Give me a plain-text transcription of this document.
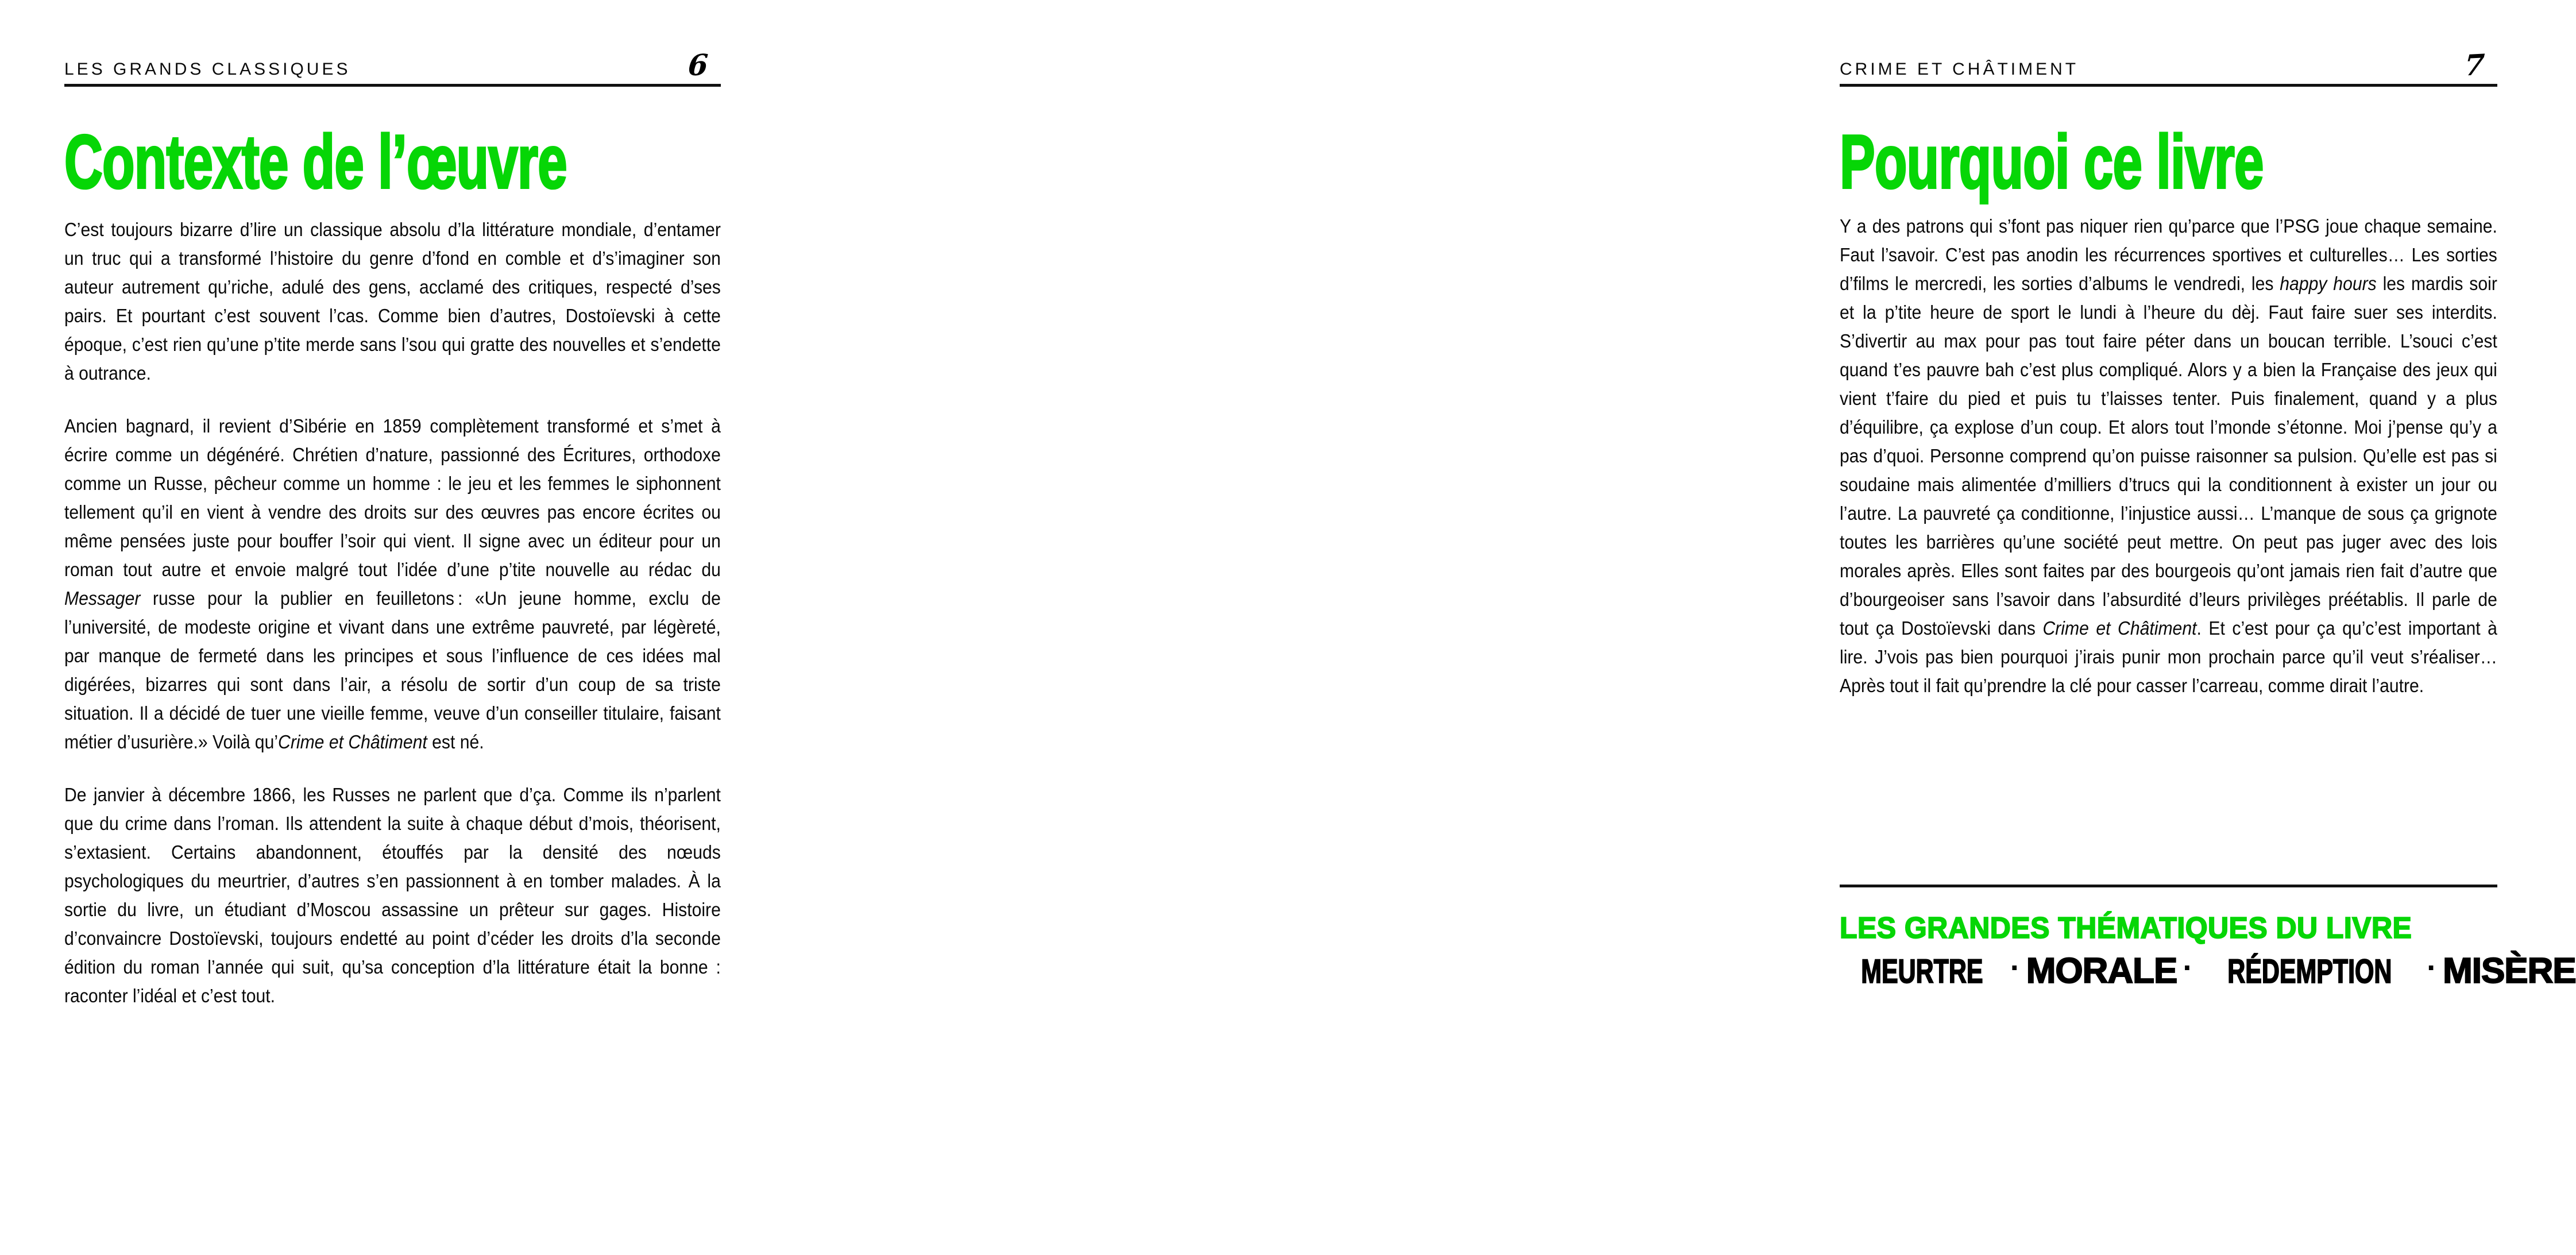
LES GRANDS CLASSIQUES	6
Contexte de l’œuvre

C’est toujours bizarre d’lire un classique absolu d’la littérature mondiale, d’entamer un truc qui a transformé l’histoire du genre d’fond en comble et d’s’imaginer son auteur autrement qu’riche, adulé des gens, acclamé des critiques, respecté d’ses pairs. Et pourtant c’est souvent l’cas. Comme bien d’autres, Dostoïevski à cette époque, c’est rien qu’une p’tite merde sans l’sou qui gratte des nouvelles et s’endette à outrance.

Ancien bagnard, il revient d’Sibérie en 1859 complètement transformé et s’met à écrire comme un dégénéré. Chrétien d’nature, passionné des Écritures, orthodoxe comme un Russe, pêcheur comme un homme : le jeu et les femmes le siphonnent tellement qu’il en vient à vendre des droits sur des œuvres pas encore écrites ou même pensées juste pour bouffer l’soir qui vient. Il signe avec un éditeur pour un roman tout autre et envoie malgré tout l’idée d’une p’tite nouvelle au rédac du Messager russe pour la publier en feuilletons : «Un jeune homme, exclu de l’université, de modeste origine et vivant dans une extrême pauvreté, par légèreté, par manque de fermeté dans les principes et sous l’influence de ces idées mal digérées, bizarres qui sont dans l’air, a résolu de sortir d’un coup de sa triste situation. Il a décidé de tuer une vieille femme, veuve d’un conseiller titulaire, faisant métier d’usurière.» Voilà qu’Crime et Châtiment est né.

De janvier à décembre 1866, les Russes ne parlent que d’ça. Comme ils n’parlent que du crime dans l’roman. Ils attendent la suite à chaque début d’mois, théorisent, s’extasient. Certains abandonnent, étouffés par la densité des nœuds psychologiques du meurtrier, d’autres s’en passionnent à en tomber malades. À la sortie du livre, un étudiant d’Moscou assassine un prêteur sur gages. Histoire d’convaincre Dostoïevski, toujours endetté au point d’céder les droits d’la seconde édition du roman l’année qui suit, qu’sa conception d’la littérature était la bonne : raconter l’idéal et c’est tout.

CRIME ET CHÂTIMENT	7
Pourquoi ce livre

Y a des patrons qui s’font pas niquer rien qu’parce que l’PSG joue chaque semaine. Faut l’savoir. C’est pas anodin les récurrences sportives et culturelles… Les sorties d’films le mercredi, les sorties d’albums le vendredi, les happy hours les mardis soir et la p’tite heure de sport le lundi à l’heure du dèj. Faut faire suer ses interdits. S’divertir au max pour pas tout faire péter dans un boucan terrible. L’souci c’est quand t’es pauvre bah c’est plus compliqué. Alors y a bien la Française des jeux qui vient t’faire du pied et puis tu t’laisses tenter. Puis finalement, quand y a plus d’équilibre, ça explose d’un coup. Et alors tout l’monde s’étonne. Moi j’pense qu’y a pas d’quoi. Personne comprend qu’on puisse raisonner sa pulsion. Qu’elle est pas si soudaine mais alimentée d’milliers d’trucs qui la conditionnent à exister un jour ou l’autre. La pauvreté ça conditionne, l’injustice aussi… L’manque de sous ça grignote toutes les barrières qu’une société peut mettre. On peut pas juger avec des lois morales après. Elles sont faites par des bourgeois qu’ont jamais rien fait d’autre que d’bourgeoiser sans l’savoir dans l’absurdité d’leurs privilèges préétablis. Il parle de tout ça Dostoïevski dans Crime et Châtiment. Et c’est pour ça qu’c’est important à lire. J’vois pas bien pourquoi j’irais punir mon prochain parce qu’il veut s’réaliser… Après tout il fait qu’prendre la clé pour casser l’carreau, comme dirait l’autre.

LES GRANDES THÉMATIQUES DU LIVRE
MEURTRE · MORALE · RÉDEMPTION · MISÈRE
